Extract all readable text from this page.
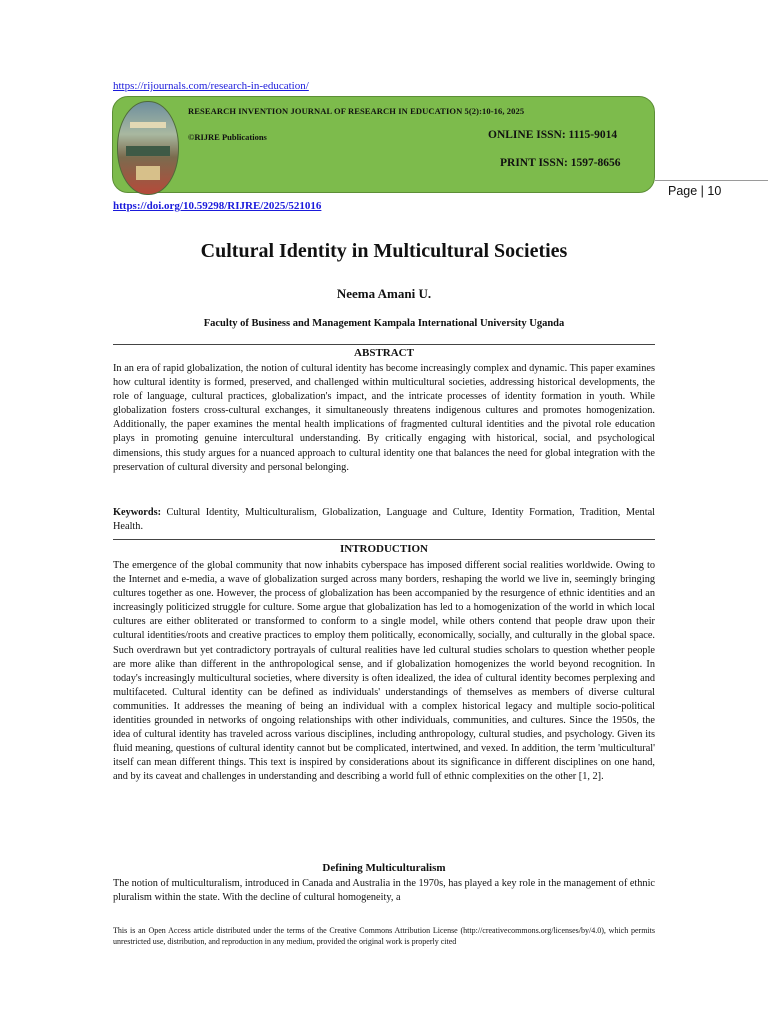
https://rijournals.com/research-in-education/
RESEARCH INVENTION JOURNAL OF RESEARCH IN EDUCATION 5(2):10-16, 2025
©RIJRE Publications	ONLINE ISSN: 1115-9014
PRINT ISSN: 1597-8656
Page | 10
https://doi.org/10.59298/RIJRE/2025/521016
Cultural Identity in Multicultural Societies
Neema Amani U.
Faculty of Business and Management Kampala International University Uganda
ABSTRACT
In an era of rapid globalization, the notion of cultural identity has become increasingly complex and dynamic. This paper examines how cultural identity is formed, preserved, and challenged within multicultural societies, addressing historical developments, the role of language, cultural practices, globalization's impact, and the intricate processes of identity formation in youth. While globalization fosters cross-cultural exchanges, it simultaneously threatens indigenous cultures and promotes homogenization. Additionally, the paper examines the mental health implications of fragmented cultural identities and the pivotal role education plays in promoting genuine intercultural understanding. By critically engaging with historical, social, and psychological dimensions, this study argues for a nuanced approach to cultural identity one that balances the need for global integration with the preservation of cultural diversity and personal belonging.
Keywords: Cultural Identity, Multiculturalism, Globalization, Language and Culture, Identity Formation, Tradition, Mental Health.
INTRODUCTION
The emergence of the global community that now inhabits cyberspace has imposed different social realities worldwide. Owing to the Internet and e-media, a wave of globalization surged across many borders, reshaping the world we live in, seemingly bringing cultures together as one. However, the process of globalization has been accompanied by the resurgence of ethnic identities and an increasingly politicized struggle for culture. Some argue that globalization has led to a homogenization of the world in which local cultures are either obliterated or transformed to conform to a single model, while others contend that people draw upon their cultural identities/roots and creative practices to employ them politically, economically, socially, and culturally in the global space. Such overdrawn but yet contradictory portrayals of cultural realities have led cultural studies scholars to question whether people are more alike than different in the anthropological sense, and if globalization homogenizes the world beyond recognition. In today's increasingly multicultural societies, where diversity is often idealized, the idea of cultural identity becomes perplexing and multifaceted. Cultural identity can be defined as individuals' understandings of themselves as members of diverse cultural communities. It addresses the meaning of being an individual with a complex historical legacy and multiple socio-political identities grounded in networks of ongoing relationships with other individuals, communities, and cultures. Since the 1950s, the idea of cultural identity has traveled across various disciplines, including anthropology, cultural studies, and psychology. Given its fluid meaning, questions of cultural identity cannot but be complicated, intertwined, and vexed. In addition, the term 'multicultural' itself can mean different things. This text is inspired by considerations about its significance in different disciplines on one hand, and by its caveat and challenges in understanding and describing a world full of ethnic complexities on the other [1, 2].
Defining Multiculturalism
The notion of multiculturalism, introduced in Canada and Australia in the 1970s, has played a key role in the management of ethnic pluralism within the state. With the decline of cultural homogeneity, a
This is an Open Access article distributed under the terms of the Creative Commons Attribution License (http://creativecommons.org/licenses/by/4.0), which permits unrestricted use, distribution, and reproduction in any medium, provided the original work is properly cited
